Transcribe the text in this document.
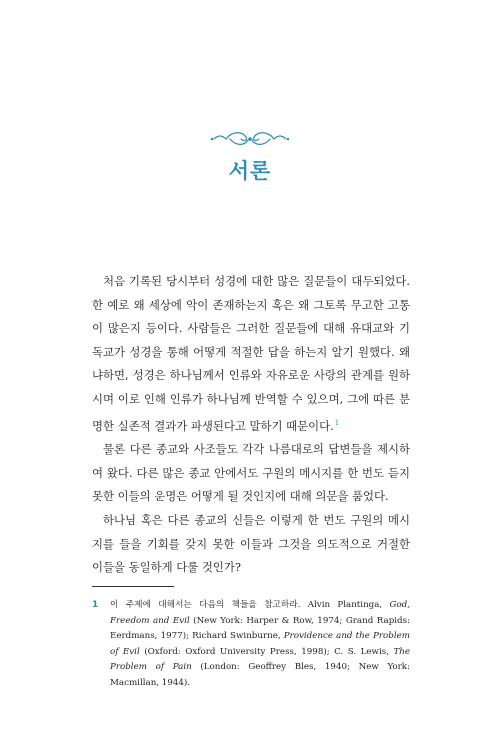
서론

처음 기록된 당시부터 성경에 대한 많은 질문들이 대두되었다. 한 예로 왜 세상에 악이 존재하는지 혹은 왜 그토록 무고한 고통이 많은지 등이다. 사람들은 그러한 질문들에 대해 유대교와 기독교가 성경을 통해 어떻게 적절한 답을 하는지 알기 원했다. 왜냐하면, 성경은 하나님께서 인류와 자유로운 사랑의 관계를 원하시며 이로 인해 인류가 하나님께 반역할 수 있으며, 그에 따른 분명한 실존적 결과가 파생된다고 말하기 때문이다.$^1$

물론 다른 종교와 사조들도 각각 나름대로의 답변들을 제시하여 왔다. 다른 많은 종교 안에서도 구원의 메시지를 한 번도 듣지 못한 이들의 운명은 어떻게 될 것인지에 대해 의문을 품었다.

하나님 혹은 다른 종교의 신들은 이렇게 한 번도 구원의 메시지를 들을 기회를 갖지 못한 이들과 그것을 의도적으로 거절한 이들을 동일하게 다룰 것인가?

1 이 주제에 대해서는 다음의 책들을 참고하라. Alvin Plantinga, God, Freedom and Evil (New York: Harper & Row, 1974; Grand Rapids: Eerdmans, 1977); Richard Swinburne, Providence and the Problem of Evil (Oxford: Oxford University Press, 1998); C. S. Lewis, The Problem of Pain (London: Geoffrey Bles, 1940; New York: Macmillan, 1944).
